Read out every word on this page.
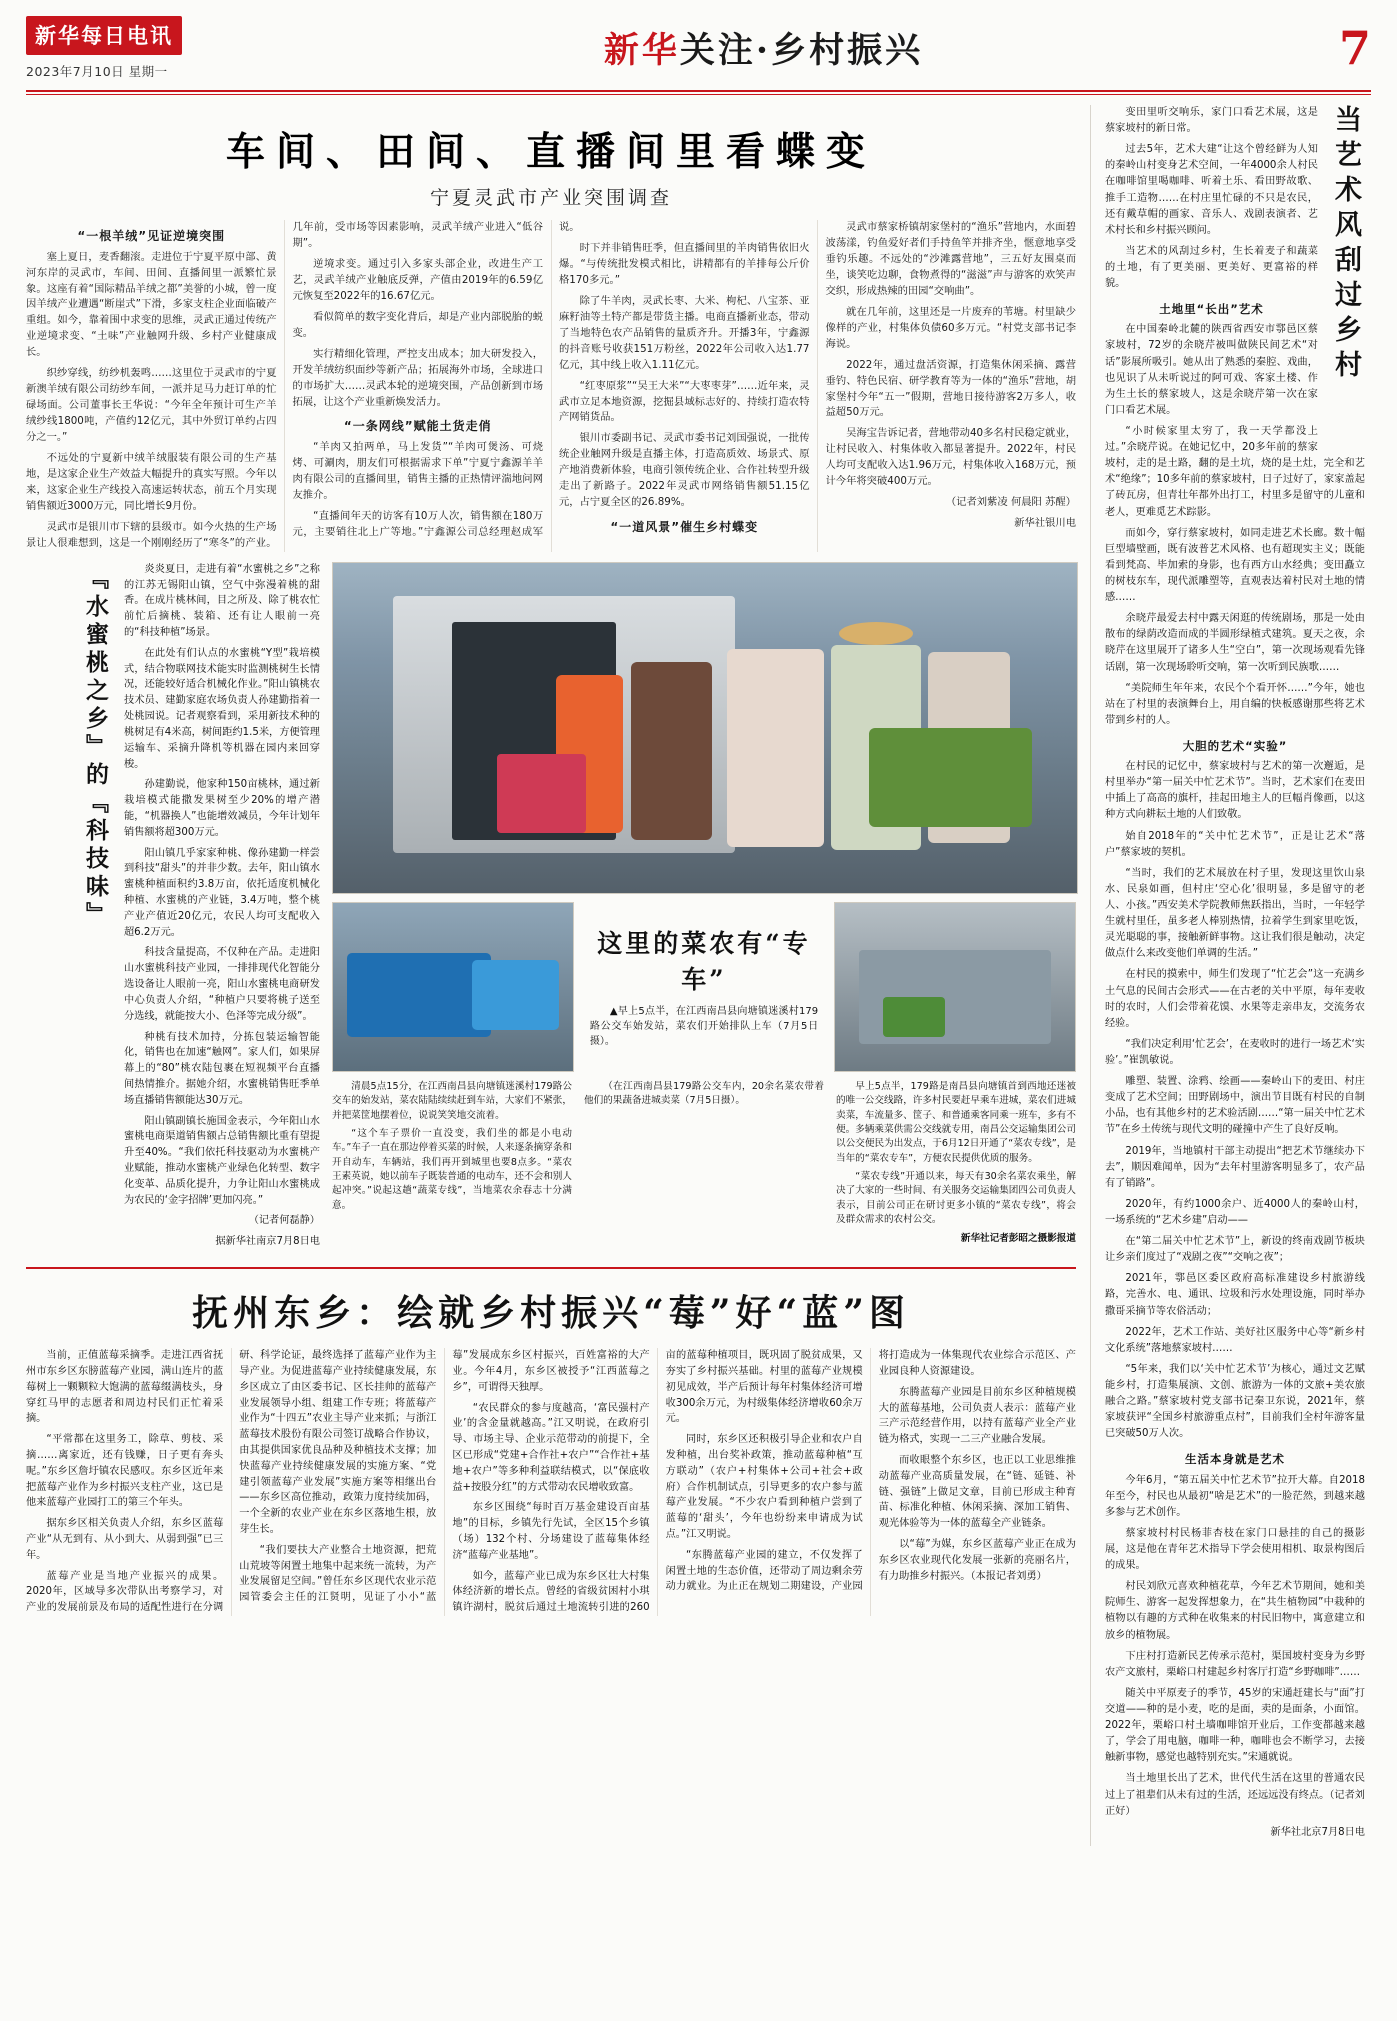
新华每日电讯
2023年7月10日 星期一
新华关注·乡村振兴	7
车间、田间、直播间里看蝶变
宁夏灵武市产业突围调查
“一根羊绒”见证逆境突围

塞上夏日，麦香翻滚。走进位于宁夏平原中部、黄河东岸的灵武市，车间、田间、直播间里一派繁忙景象。这座有着“国际精品羊绒之都”美誉的小城，曾一度因羊绒产业遭遇“断崖式”下滑，多家支柱企业面临破产重组。如今，靠着围中求变的思维，灵武正通过传统产业逆境求变、“土味”产业触网升级、乡村产业健康成长。

织纱穿线，纺纱机轰鸣……这里位于灵武市的宁夏新澳羊绒有限公司纺纱车间，一派并足马力赶订单的忙碌场面。公司董事长王华说：“今年全年预计可生产羊绒纱线1800吨，产值约12亿元，其中外贸订单约占四分之一。”

不远处的宁夏新中绒羊绒服装有限公司的生产基地，是这家企业生产效益大幅提升的真实写照。今年以来，这家企业生产线投入高速运转状态，前五个月实现销售额近3000万元，同比增长9月份。

灵武市是银川市下辖的县级市。如今火热的生产场景让人很难想到，这是一个刚刚经历了“寒冬”的产业。几年前，受市场等因素影响，灵武羊绒产业进入“低谷期”。

逆境求变。通过引入多家头部企业，改进生产工艺，灵武羊绒产业触底反弹，产值由2019年的6.59亿元恢复至2022年的16.67亿元。

看似简单的数字变化背后，却是产业内部脱胎的蜕变。

实行精细化管理，严控支出成本；加大研发投入，开发羊绒纺织面纱等新产品；拓展海外市场，全球进口的市场扩大……灵武本轮的逆境突围，产品创新到市场拓展，让这个产业重新焕发活力。

“一条网线”赋能土货走俏

“羊肉又拍两单，马上发货”“羊肉可煲汤、可烧烤、可涮肉，朋友们可根据需求下单”宁夏宁鑫源羊羊肉有限公司的直播间里，销售主播的正热情评湍地问网友推介。

“直播间年天的访客有10万人次，销售额在180万元，主要销往北上广等地。”宁鑫源公司总经理赵成军说。

时下并非销售旺季，但直播间里的羊肉销售依旧火爆。“与传统批发模式相比，讲精都有的羊排每公斤价格170多元。”

除了牛羊肉，灵武长枣、大米、枸杞、八宝茶、亚麻籽油等土特产都是带货主播。电商直播新业态，带动了当地特色农产品销售的量质齐升。开播3年，宁鑫源的抖音账号收获151万粉丝，2022年公司收入达1.77亿元，其中线上收入1.11亿元。

“红枣原浆”“吴王大米”“大枣枣芽”……近年来，灵武市立足本地资源，挖掘县域标志好的、持续打造农特产网销货品。

银川市委副书记、灵武市委书记刘国强说，一批传统企业触网升级是直播主体，打造高质效、场景式、原产地消费新体验，电商引领传统企业、合作社转型升级走出了新路子。2022年灵武市网络销售额51.15亿元，占宁夏全区的26.89%。

“一道风景”催生乡村蝶变

灵武市蔡家桥镇胡家堡村的“渔乐”营地内，水面碧波荡漾，钓鱼爱好者们手持鱼竿并排齐坐，惬意地享受垂钓乐趣。不远处的“沙滩露营地”，三五好友围桌而坐，谈笑吃边聊，食物煮得的“滋滋”声与游客的欢笑声交织，形成热辣的田园“交响曲”。

就在几年前，这里还是一片废弃的苇塘。村里缺少像样的产业，村集体负债60多万元。“村党支部书记李海说。

2022年，通过盘活资源，打造集休闲采摘、露营垂钓、特色民宿、研学教育等为一体的“渔乐”营地，胡家堡村今年“五一”假期，营地日接待游客2万多人，收益超50万元。

吴海宝告诉记者，营地带动40多名村民稳定就业，让村民收入、村集体收入都显著提升。2022年，村民人均可支配收入达1.96万元，村集体收入168万元，预计今年将突破400万元。

（记者刘紫凌 何晨阳 苏醒）

新华社银川电

『水蜜桃之乡』的『科技味』	炎炎夏日，走进有着“水蜜桃之乡”之称的江苏无锡阳山镇，空气中弥漫着桃的甜香。在成片桃林间，目之所及、除了桃农忙前忙后摘桃、装箱、还有让人眼前一亮的“科技种植”场景。

在此处有们认点的水蜜桃“Y型”栽培模式，结合物联网技术能实时监测桃树生长情况，还能较好适合机械化作业。”阳山镇桃农技术员、建勤家庭农场负责人孙建勤指着一处桃园说。记者观察看到，采用新技术种的桃树足有4米高，树间距约1.5米，方便管理运输车、采摘升降机等机器在园内来回穿梭。

孙建勤说，他家种150亩桃林，通过新栽培模式能撒发果树至少20%的增产潜能，“机器换人”也能增效减员，今年计划年销售额将超300万元。

阳山镇几乎家家种桃、像孙建勤一样尝到科技“甜头”的并非少数。去年，阳山镇水蜜桃种植面积约3.8万亩，依托适度机械化种植、水蜜桃的产业链，3.4万吨，整个桃产业产值近20亿元，农民人均可支配收入超6.2万元。

科技含量提高，不仅种在产品。走进阳山水蜜桃科技产业园，一排排现代化智能分选设备让人眼前一亮，阳山水蜜桃电商研发中心负责人介绍，“种植户只要将桃子送至分选线，就能按大小、色泽等完成分级”。

种桃有技术加持，分拣包装运输智能化，销售也在加速“触网”。家人们，如果屏幕上的“80”桃农陆包裹在短视频平台直播间热情推介。据她介绍，水蜜桃销售旺季单场直播销售额能达30万元。

阳山镇副镇长施国金表示，今年阳山水蜜桃电商渠道销售额占总销售额比重有望提升至40%。“我们依托科技驱动为水蜜桃产业赋能，推动水蜜桃产业绿色化转型、数字化变革、品质化提升，力争让阳山水蜜桃成为农民的‘金字招牌’更加闪亮。”

（记者何磊静）

据新华社南京7月8日电

这里的菜农有“专车”
▲早上5点半，在江西南昌县向塘镇迷溪村179路公交车始发站，菜农们开始排队上车（7月5日摄）。

清晨5点15分，在江西南昌县向塘镇迷溪村179路公交车的始发站，菜农陆陆续续赶到车站，大家们不紧张，并把菜筐地摆着位，说说笑笑地交流着。

“这个车子票价一直没变，我们坐的都是小电动车。”车子一直在那边停着买菜的时候，人来逐条摘穿条和开自动车，车辆站，我们再开到城里也要8点多。“菜农王素英说，她以前车子既装普通的电动车，还不会和别人起冲突。”说起这趟“蔬菜专线”，当地菜农余春志十分满意。

（在江西南昌县179路公交车内，20余名菜农带着他们的果蔬备进城卖菜（7月5日摄）。

早上5点半，179路是南昌县向塘镇首到西地还迷被的唯一公交线路，许多村民要赶早乘车进城，菜农们进城卖菜，车流量多、筐子、和普通乘客同乘一班车，多有不便。多辆乘菜供需公交线就专用，南昌公交运输集团公司以公交便民为出发点，于6月12日开通了“菜农专线”，是当年的“菜农专车”，方便农民提供优质的服务。

“菜农专线”开通以来，每天有30余名菜农乘坐，解决了大家的一些时间、有关服务交运输集团四公司负责人表示，目前公司正在研讨更多小镇的“菜农专线”，将会及群众需求的农村公交。

新华社记者彭昭之摄影报道

抚州东乡：绘就乡村振兴“莓”好“蓝”图

当前，正值蓝莓采摘季。走进江西省抚州市东乡区东膀蓝莓产业园，满山连片的蓝莓树上一颗颗粒大饱满的蓝莓缀满枝头，身穿红马甲的志愿者和周边村民们正忙着采摘。

“平常都在这里务工，除草、剪枝、采摘……离家近，还有钱赚，日子更有奔头呢。”东乡区詹圩镇农民感叹。东乡区近年来把蓝莓产业作为乡村振兴支柱产业，这已是他来蓝莓产业园打工的第三个年头。

据东乡区相关负责人介绍，东乡区蓝莓产业“从无到有、从小到大、从弱到强”已三年。

蓝莓产业是当地产业振兴的成果。2020年，区域导多次带队出考察学习，对产业的发展前景及布局的适配性进行在分调研、科学论证，最终选择了蓝莓产业作为主导产业。为促进蓝莓产业持续健康发展，东乡区成立了由区委书记、区长挂帅的蓝莓产业发展领导小组、组建工作专班；将蓝莓产业作为“十四五”农业主导产业来抓；与浙江蓝莓技术股份有限公司签订战略合作协议，由其提供国家优良品种及种植技术支撑；加快蓝莓产业持续健康发展的实施方案、“党建引领蓝莓产业发展”实施方案等相继出台——东乡区高位推动，政策力度持续加码，一个全新的农业产业在东乡区落地生根，放芽生长。

“我们要扶大产业整合土地资源，把荒山荒坡等闲置土地集中起来统一流转，为产业发展留足空间。”曾任东乡区现代农业示范园管委会主任的江贤明，见证了小小“蓝莓”发展成东乡区村振兴，百姓富裕的大产业。今年4月，东乡区被授予“江西蓝莓之乡”，可谓得天独厚。

“农民群众的参与度越高，‘富民强村产业’的含金量就越高。”江又明说，在政府引导、市场主导、企业示范带动的前提下，全区已形成“党建+合作社+农户”“合作社+基地+农户”等多种利益联结模式，以“保底收益+按股分红”的方式带动农民增收致富。

东乡区围绕“每时百万基金建设百亩基地”的目标，乡镇先行先试，全区15个乡镇（场）132个村、分场建设了蓝莓集体经济“蓝莓产业基地”。

如今，蓝莓产业已成为东乡区壮大村集体经济新的增长点。曾经的省级贫困村小琪镇许湖村，脱贫后通过土地流转引进的260亩的蓝莓种植项目，既巩固了脱贫成果，又夯实了乡村振兴基础。村里的蓝莓产业规模初见成效，半产后预计每年村集体经济可增收300余万元，为村级集体经济增收60余万元。

同时，东乡区还积极引导企业和农户自发种植，出台奖补政策，推动蓝莓种植“互方联动”（农户+村集体+公司+社会+政府）合作机制试点，引导更多的农户参与蓝莓产业发展。“不少农户看到种植户尝到了蓝莓的‘甜头’，今年也纷纷来申请成为试点。”江又明说。

“东腾蓝莓产业园的建立，不仅发挥了闲置土地的生态价值，还带动了周边剩余劳动力就业。为止正在规划二期建设，产业园将打造成为一体集现代农业综合示范区、产业园良种人资源建设。

东腾蓝莓产业园是目前东乡区种植规模大的蓝莓基地，公司负责人表示：蓝莓产业三产示范经营作用，以持有蓝莓产业全产业链为格式，实现一二三产业融合发展。

而收眼整个东乡区，也正以工业思维推动蓝莓产业高质量发展，在“链、延链、补链、强链”上做足文章，目前已形成主种育苗、标准化种植、休闲采摘、深加工销售、观光体验等为一体的蓝莓全产业链条。

以“莓”为媒，东乡区蓝莓产业正在成为东乡区农业现代化发展一张新的亮丽名片，有力助推乡村振兴。（本报记者刘勇）

当艺术风刮过乡村

变田里听交响乐，家门口看艺术展，这是蔡家坡村的新日常。

过去5年，艺术大建“让这个曾经鲜为人知的秦岭山村变身艺术空间，一年4000余人村民在咖啡馆里喝咖啡、听着土乐、看田野故歌、推手工造物……在村庄里忙碌的不只是农民，还有戴草帽的画家、音乐人、戏剧表演者、艺术村长和乡村振兴顾问。

当艺术的风刮过乡村，生长着麦子和蔬菜的土地，有了更美丽、更美好、更富裕的样貌。

土地里“长出”艺术

在中国秦岭北麓的陕西省西安市鄠邑区蔡家坡村，72岁的余晓芹被叫做陕民间艺术“对话”影展所吸引。她从出了熟悉的秦腔、戏曲，也见识了从未听说过的阿可戏、客家土楼、作为生土长的蔡家坡人，这是余晓芹第一次在家门口看艺术展。

“小时候家里太穷了，我一天学都没上过。”余晓芹说。在她记忆中，20多年前的蔡家坡村，走的是土路，翻的是土坑，烧的是土灶，完全和艺术“绝缘”；10多年前的蔡家坡村，日子过好了，家家盖起了砖瓦房，但青壮年都外出打工，村里多是留守的儿童和老人，更难觅艺术踪影。

而如今，穿行蔡家坡村，如同走进艺术长廊。数十幅巨型墙壁画，既有波普艺术风格、也有超现实主义；既能看到梵高、毕加索的身影，也有西方山水经典；变田矗立的树枝东车，现代派雕塑等，直观表达着村民对土地的情感……

余晓芹最爱去村中露天闲逛的传统剧场，那是一处由散布的绿荫改造而成的半圆形绿植式建筑。夏天之夜，余晓芹在这里展开了诸多人生“空白”，第一次现场观看先锋话剧，第一次现场聆听交响，第一次听到民族歌……

“美院师生年年来，农民个个看开怀……”今年，她也站在了村里的表演舞台上，用自编的快板感谢那些将艺术带到乡村的人。

大胆的艺术“实验”

在村民的记忆中，蔡家坡村与艺术的第一次邂逅，是村里举办“第一届关中忙艺术节”。当时，艺术家们在麦田中插上了高高的旗杆，挂起田地主人的巨幅肖像画，以这种方式向耕耘土地的人们致敬。

始自2018年的“关中忙艺术节”，正是让艺术“落户”蔡家坡的契机。

“当时，我们的艺术展放在村子里，发现这里饮山泉水、民泉如画，但村庄‘空心化’很明显，多是留守的老人、小孩。”西安美术学院教师焦跃指出，当时，一年轻学生就村里任，虽多老人棒别热情，拉着学生到家里吃饭，灵光聪聪的事，接触新鲜事物。这让我们很是触动，决定做点什么来改变他们单调的生活。”

在村民的摸索中，师生们发现了“忙艺会”这一充满乡土气息的民间古会形式——在古老的关中平原，每年麦收时的农时，人们会带着花馍、水果等走亲串友，交流务农经验。

“我们决定利用‘忙艺会’，在麦收时的进行一场艺术‘实验’。”崔凯敏说。

雕塑、装置、涂鸦、绘画——秦岭山下的麦田、村庄变成了艺术空间；田野剧场中，演出节目既有村民的自制小品，也有其他乡村的艺术验活剧……“第一届关中忙艺术节”在乡土传统与现代文明的碰撞中产生了良好反响。

2019年，当地镇村干部主动提出“把艺术节继续办下去”，顺因难闻单，因为“去年村里游客明显多了，农产品有了销路”。

2020年，有约1000余户、近4000人的秦岭山村，一场系统的“艺术乡建”启动——

在“第二届关中忙艺术节”上，新设的终南戏剧节板块让乡亲们度过了“戏剧之夜”“交响之夜”；

2021年，鄠邑区委区政府高标准建设乡村旅游线路，完善水、电、通讯、垃圾和污水处理设施，同时举办撒哥采摘节等农俗活动；

2022年，艺术工作站、美好社区服务中心等“新乡村文化系统”落地蔡家坡村……

“5年来，我们以‘关中忙艺术节’为核心，通过文艺赋能乡村，打造集展演、文创、旅游为一体的文旅+美农旅融合之路。”蔡家坡村党支部书记秦卫东说，2021年，蔡家坡获评“全国乡村旅游重点村”，目前我们全村年游客量已突破50万人次。

生活本身就是艺术

今年6月，“第五届关中忙艺术节”拉开大幕。自2018年至今，村民也从最初“啥是艺术”的一脸茫然，到越来越多参与艺术创作。

蔡家坡村村民杨菲杏枝在家门口悬挂的自己的摄影展，这是他在青年艺术指导下学会使用相机、取景构图后的成果。

村民刘欣元喜欢种植花草，今年艺术节期间，她和美院师生、游客一起发挥想象力，在“共生植物园”中栽种的植物以有趣的方式种在收集来的村民旧物中，寓意建立和放乡的植物展。

下庄村打造新民艺传承示范村，渠国坡村变身为乡野农产文旅村，栗峪口村建起乡村客厅打造“乡野咖啡”……

随关中平原麦子的季节，45岁的宋通赶建长与“面”打交道——种的是小麦，吃的是面，卖的是面条，小面馆。2022年，栗峪口村土墙咖啡馆开业后，工作变都越来越了，学会了用电脑，咖啡一种，咖啡也会不断学习，去接触新事物，感觉也越特别充实。”宋通就说。

当土地里长出了艺术，世代代生活在这里的普通农民过上了祖辈们从未有过的生活，还远远没有终点。（记者刘正好）

新华社北京7月8日电
